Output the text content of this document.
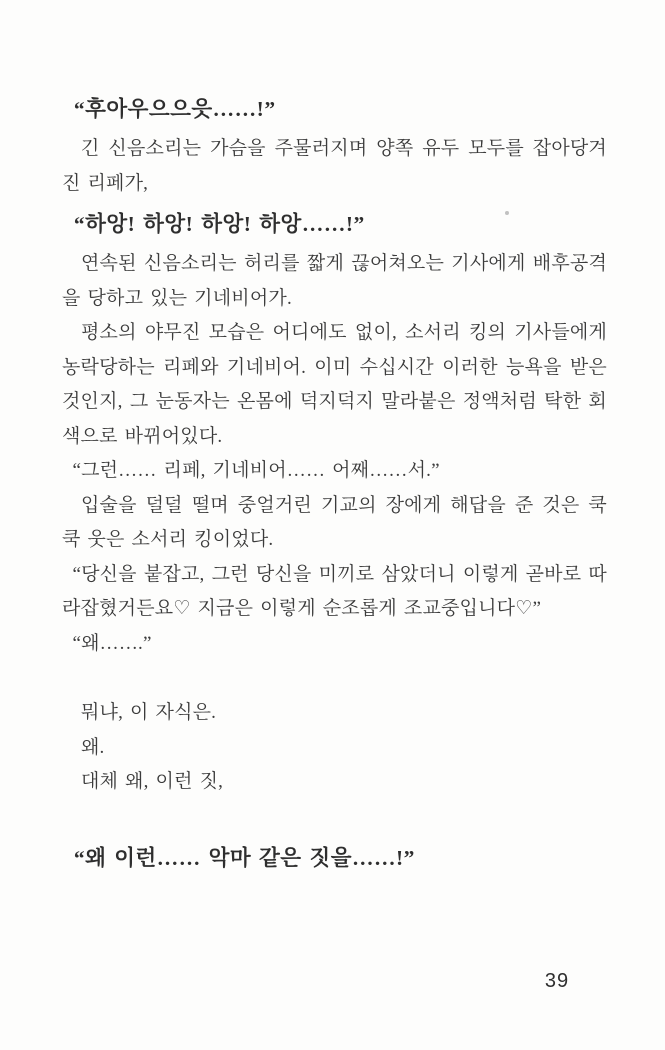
“후아우으으읏……!”

긴 신음소리는 가슴을 주물러지며 양쪽 유두 모두를 잡아당겨진 리페가,

“하앙! 하앙! 하앙! 하앙……!”

연속된 신음소리는 허리를 짧게 끊어쳐오는 기사에게 배후공격을 당하고 있는 기네비어가.

평소의 야무진 모습은 어디에도 없이, 소서리 킹의 기사들에게 농락당하는 리페와 기네비어. 이미 수십시간 이러한 능욕을 받은 것인지, 그 눈동자는 온몸에 덕지덕지 말라붙은 정액처럼 탁한 회색으로 바뀌어있다.

“그런…… 리페, 기네비어…… 어째……서.”

입술을 덜덜 떨며 중얼거린 기교의 장에게 해답을 준 것은 쿡쿡 웃은 소서리 킹이었다.

“당신을 붙잡고, 그런 당신을 미끼로 삼았더니 이렇게 곧바로 따라잡혔거든요♡ 지금은 이렇게 순조롭게 조교중입니다♡”

“왜…….”

뭐냐, 이 자식은.

왜.

대체 왜, 이런 짓,

“왜 이런…… 악마 같은 짓을……!”

39
